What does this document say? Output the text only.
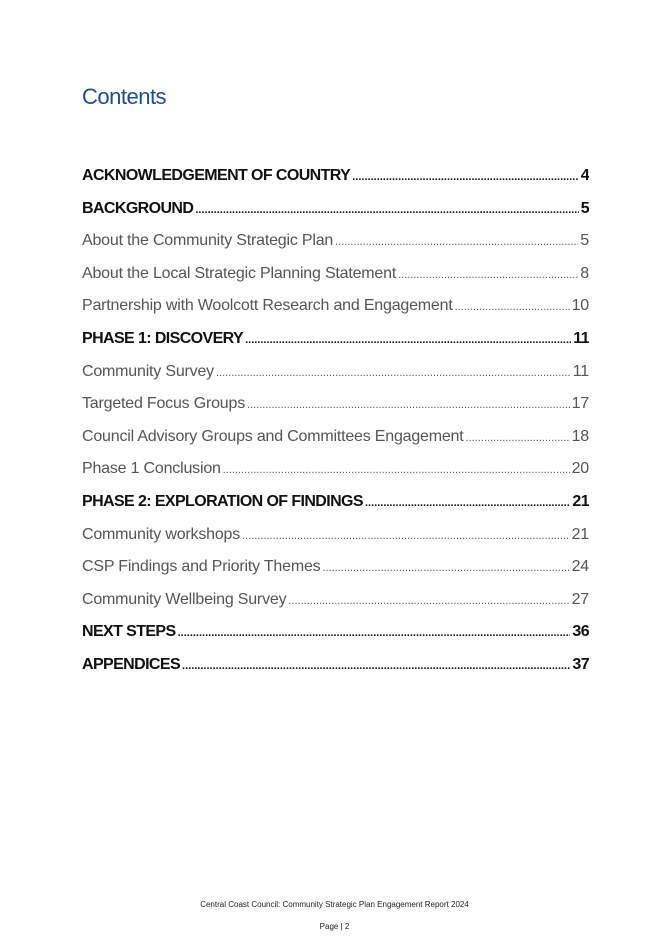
Contents
ACKNOWLEDGEMENT OF COUNTRY .....	4
BACKGROUND .....	5
About the Community Strategic Plan .....	5
About the Local Strategic Planning Statement .....	8
Partnership with Woolcott Research and Engagement .....	10
PHASE 1: DISCOVERY .....	11
Community Survey .....	11
Targeted Focus Groups .....	17
Council Advisory Groups and Committees Engagement .....	18
Phase 1 Conclusion .....	20
PHASE 2: EXPLORATION OF FINDINGS .....	21
Community workshops .....	21
CSP Findings and Priority Themes .....	24
Community Wellbeing Survey .....	27
NEXT STEPS .....	36
APPENDICES .....	37
Central Coast Council: Community Strategic Plan Engagement Report 2024
Page | 2
